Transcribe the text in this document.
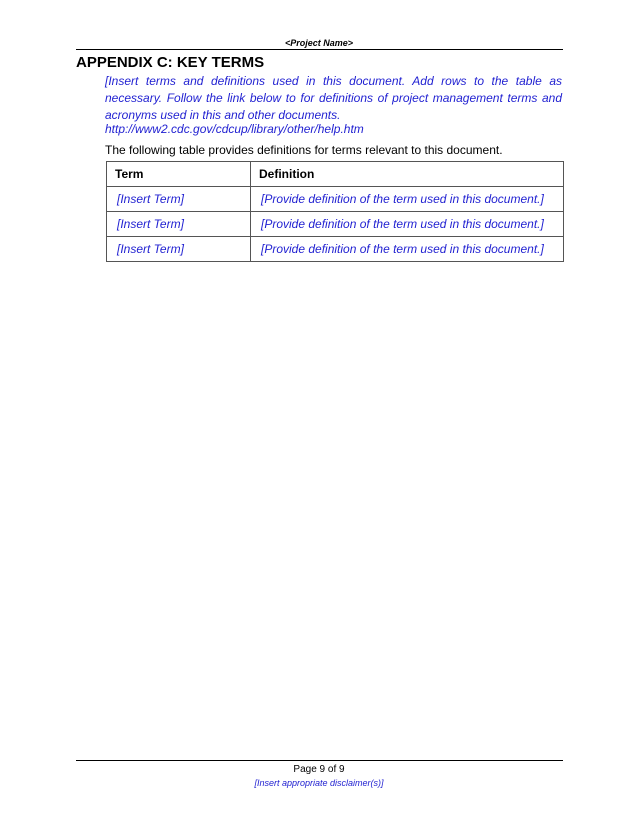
<Project Name>
APPENDIX C: KEY TERMS
[Insert terms and definitions used in this document. Add rows to the table as necessary. Follow the link below to for definitions of project management terms and acronyms used in this and other documents.
http://www2.cdc.gov/cdcup/library/other/help.htm
The following table provides definitions for terms relevant to this document.
Term	Definition
[Insert Term]	[Provide definition of the term used in this document.]
[Insert Term]	[Provide definition of the term used in this document.]
[Insert Term]	[Provide definition of the term used in this document.]
Page 9 of 9
[Insert appropriate disclaimer(s)]
